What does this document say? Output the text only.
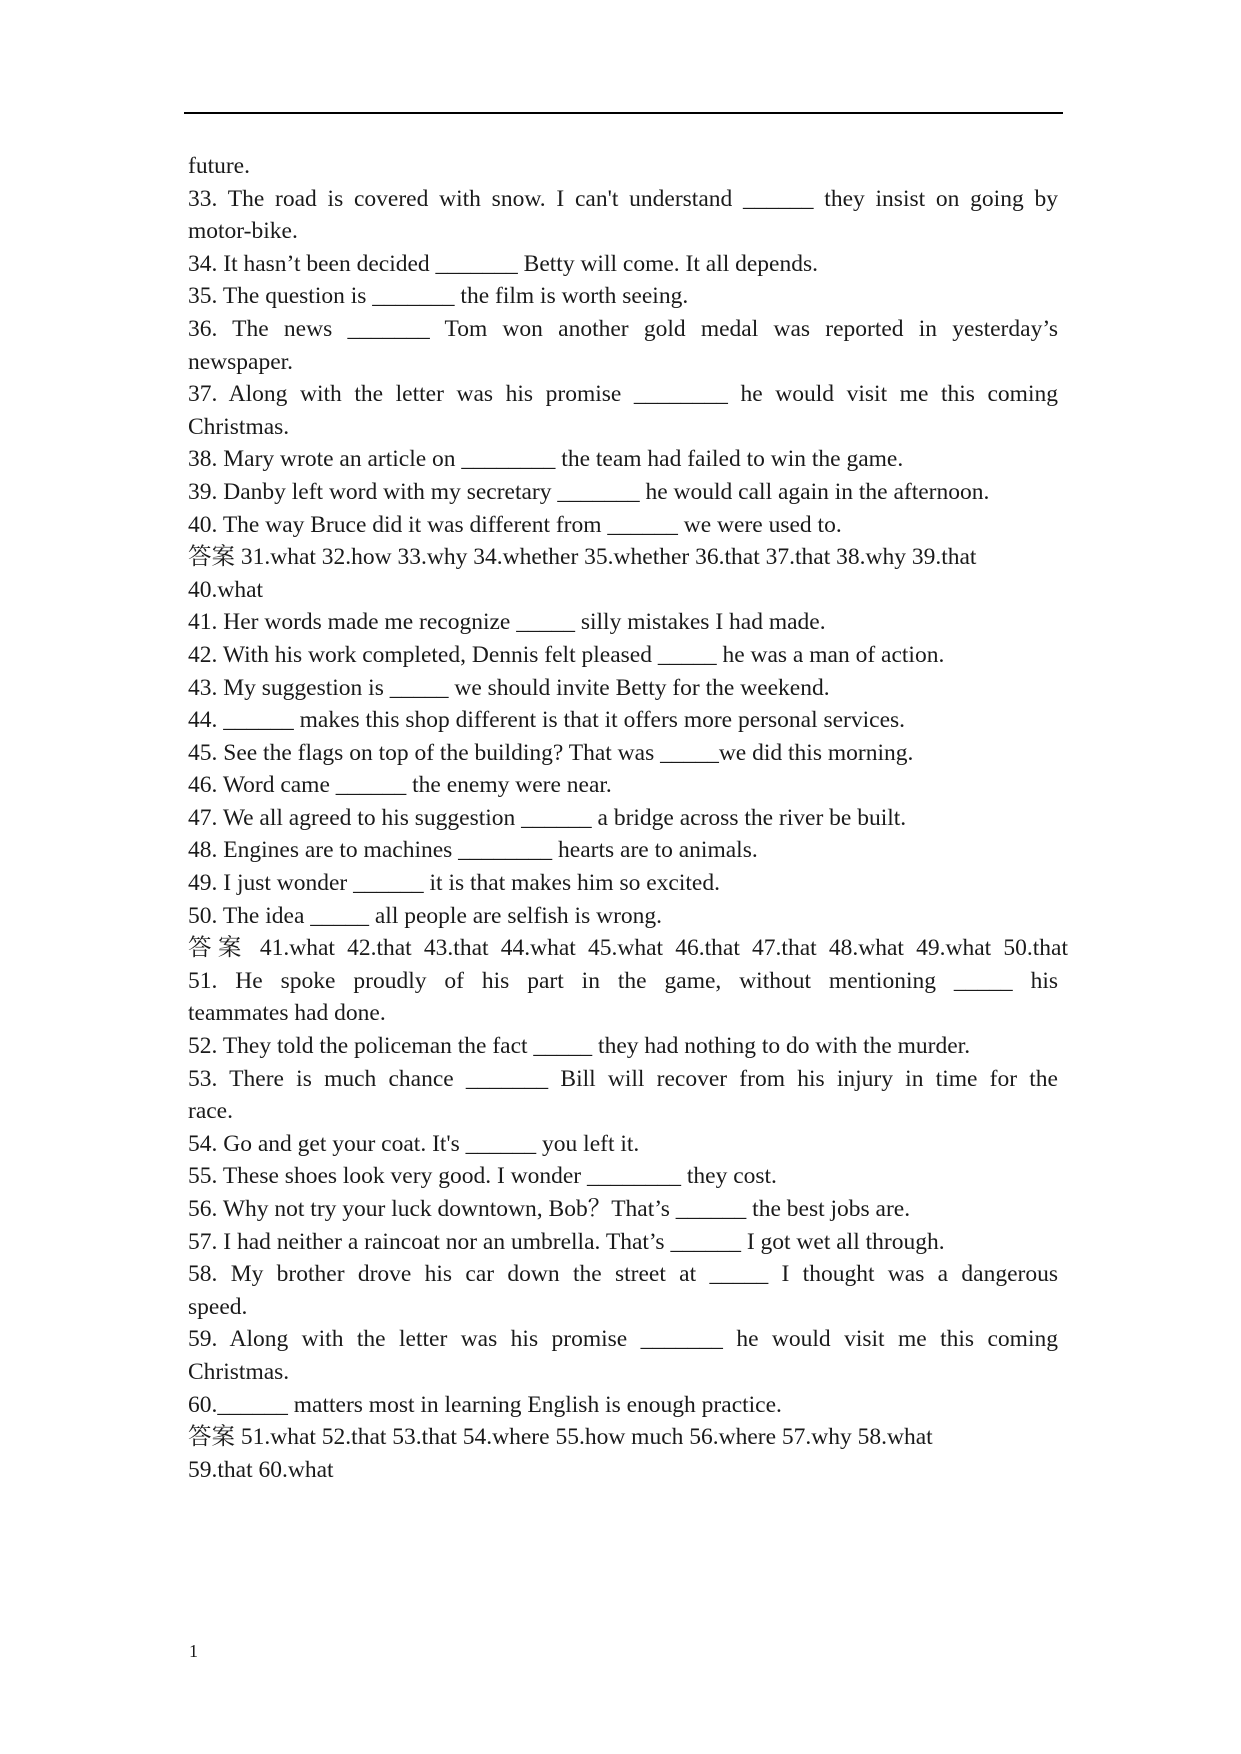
future.
33. The road is covered with snow. I can't understand ______ they insist on going by
motor-bike.
34. It hasn’t been decided _______ Betty will come. It all depends.
35. The question is _______ the film is worth seeing.
36. The news _______ Tom won another gold medal was reported in yesterday’s
newspaper.
37. Along with the letter was his promise ________ he would visit me this coming
Christmas.
38. Mary wrote an article on ________ the team had failed to win the game.
39. Danby left word with my secretary _______ he would call again in the afternoon.
40. The way Bruce did it was different from ______ we were used to.
答案 31.what 32.how 33.why 34.whether 35.whether 36.that 37.that 38.why 39.that
40.what
41. Her words made me recognize _____ silly mistakes I had made.
42. With his work completed, Dennis felt pleased _____ he was a man of action.
43. My suggestion is _____ we should invite Betty for the weekend.
44. ______ makes this shop different is that it offers more personal services.
45. See the flags on top of the building? That was _____we did this morning.
46. Word came ______ the enemy were near.
47. We all agreed to his suggestion ______ a bridge across the river be built.
48. Engines are to machines ________ hearts are to animals.
49. I just wonder ______ it is that makes him so excited.
50. The idea _____ all people are selfish is wrong.
答案 41.what 42.that 43.that 44.what 45.what 46.that 47.that 48.what 49.what 50.that
51. He spoke proudly of his part in the game, without mentioning _____ his
teammates had done.
52. They told the policeman the fact _____ they had nothing to do with the murder.
53. There is much chance _______ Bill will recover from his injury in time for the
race.
54. Go and get your coat. It's ______ you left it.
55. These shoes look very good. I wonder ________ they cost.
56. Why not try your luck downtown, Bob？That’s ______ the best jobs are.
57. I had neither a raincoat nor an umbrella. That’s ______ I got wet all through.
58. My brother drove his car down the street at _____ I thought was a dangerous
speed.
59. Along with the letter was his promise _______ he would visit me this coming
Christmas.
60.______ matters most in learning English is enough practice.
答案 51.what 52.that 53.that 54.where 55.how much 56.where 57.why 58.what
59.that 60.what
1
